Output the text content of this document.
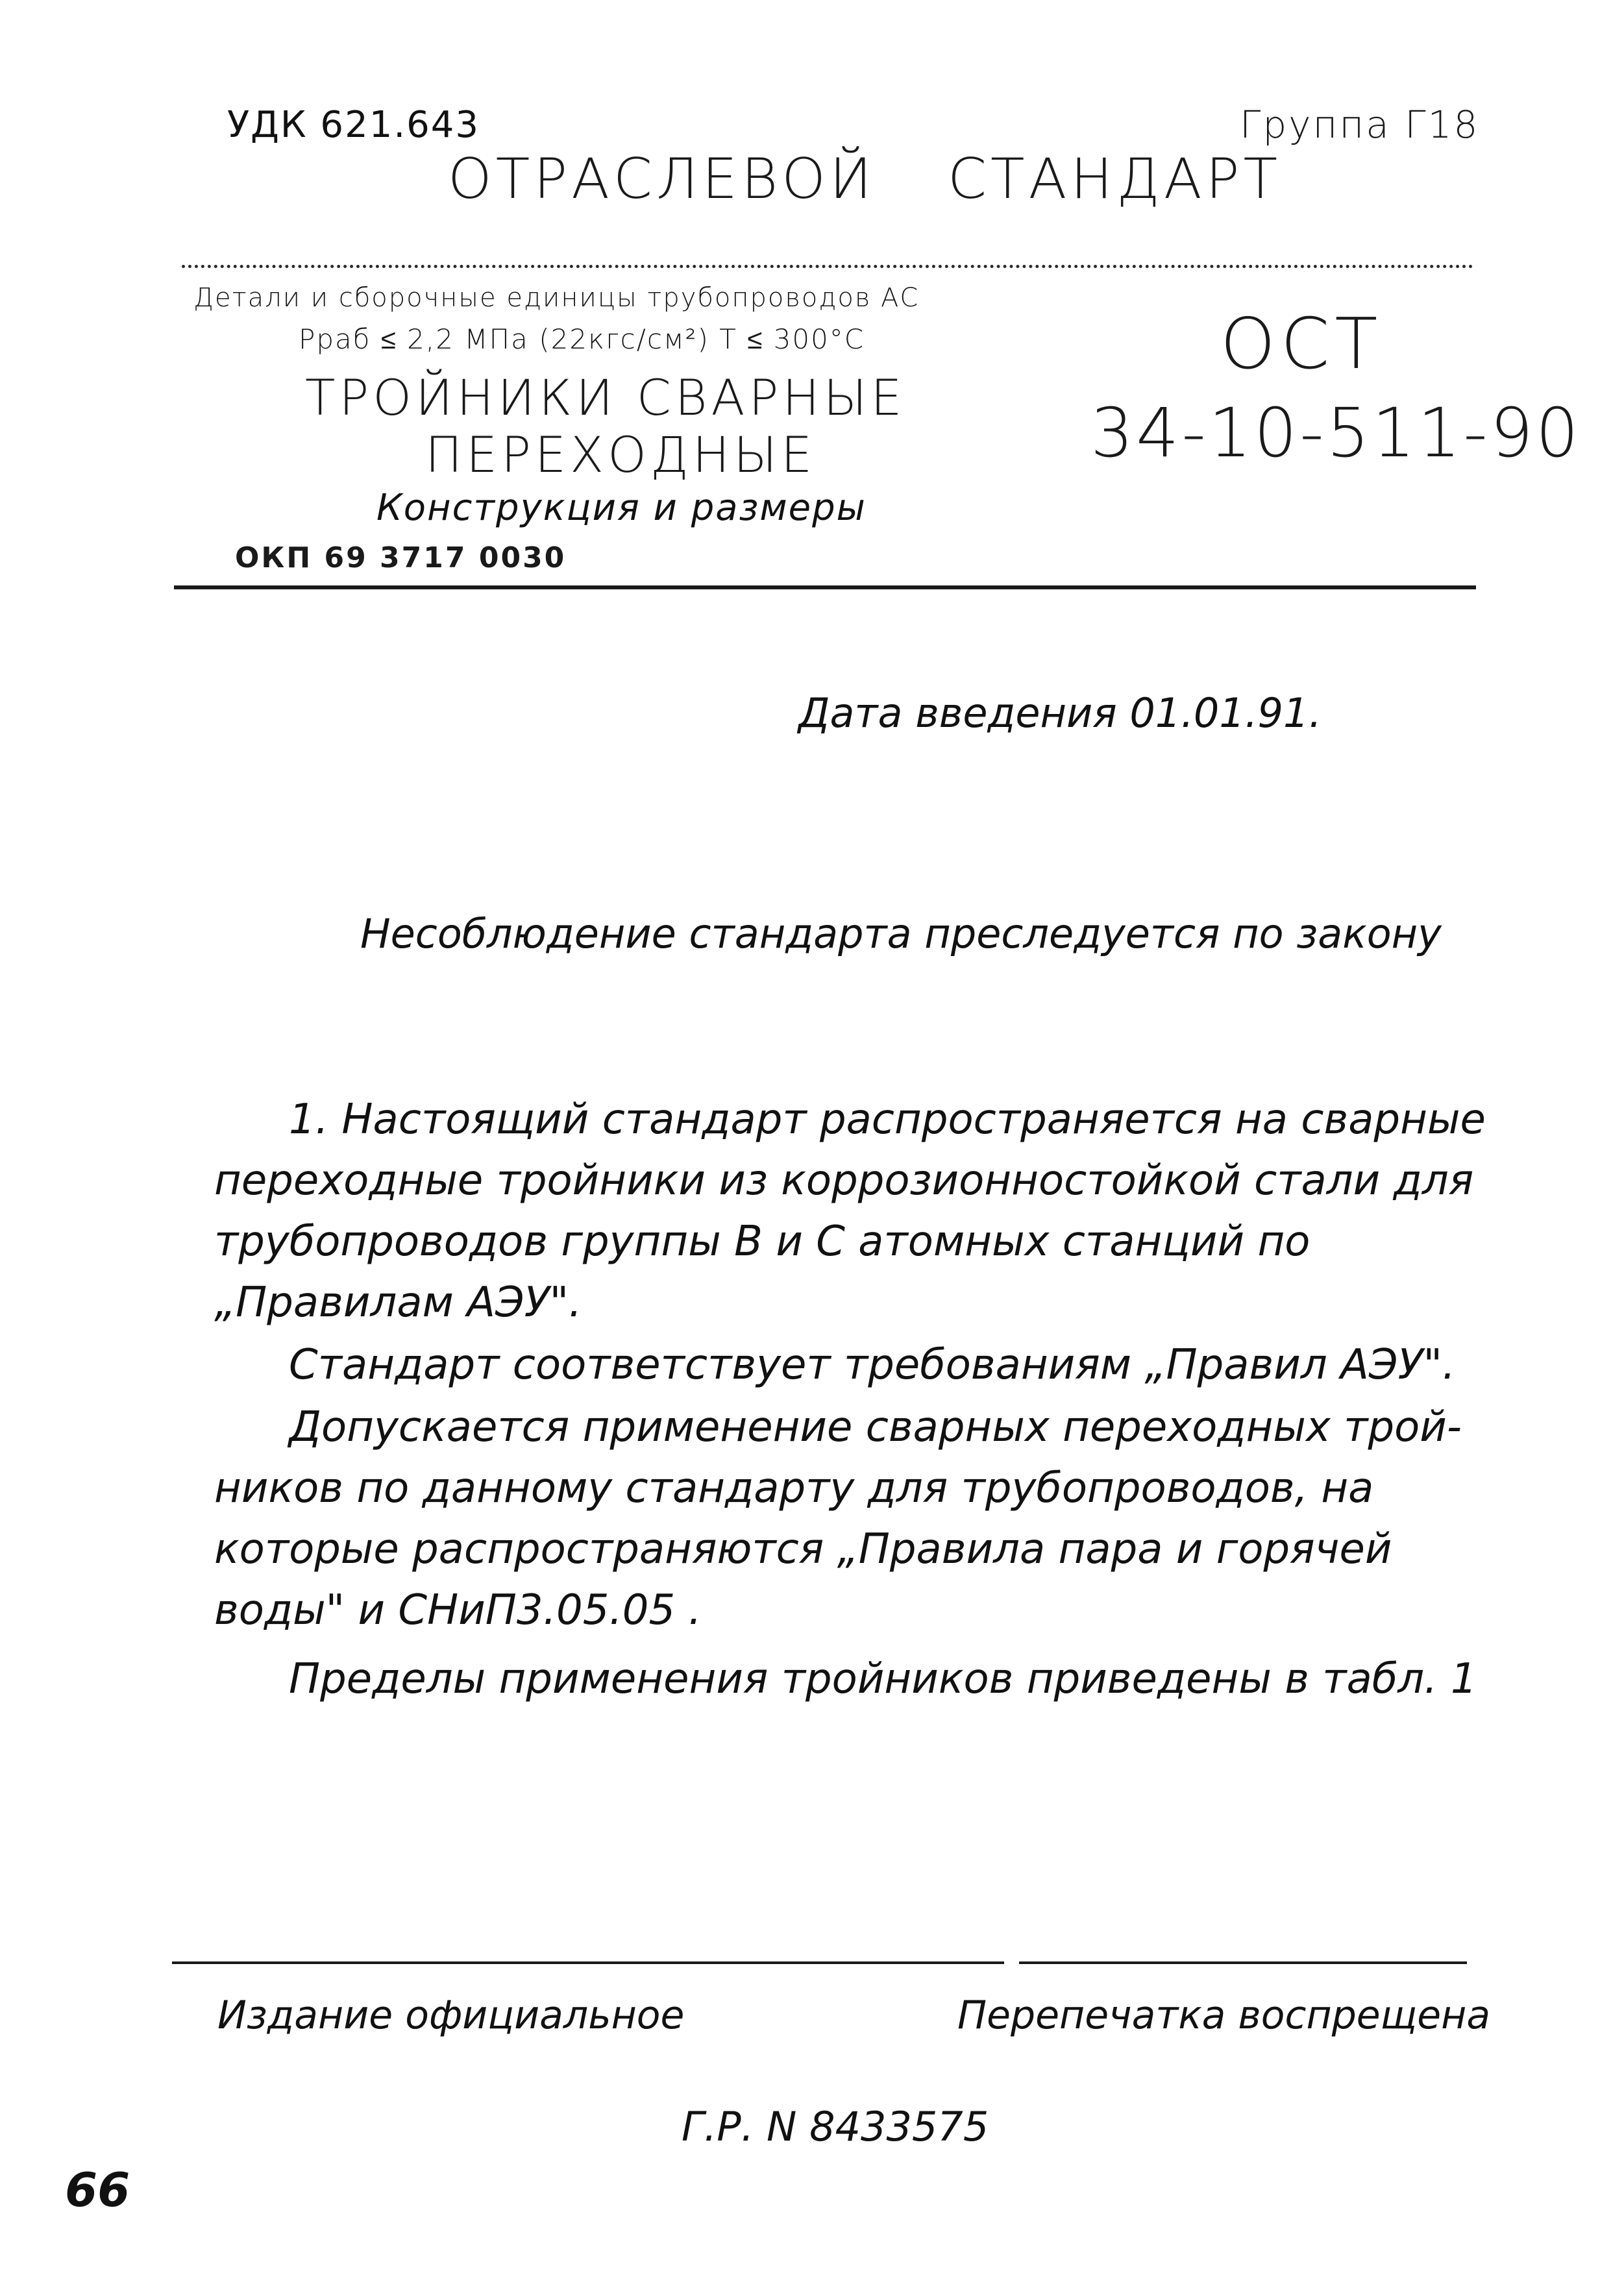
УДК 621.643	Группа Г18
ОТРАСЛЕВОЙ СТАНДАРТ
Детали и сборочные единицы трубопроводов АС
Рраб ≤ 2,2 МПа (22кгс/см²) Т ≤ 300°С
ТРОЙНИКИ СВАРНЫЕ
ПЕРЕХОДНЫЕ
Конструкция и размеры
ОКП 69 3717 0030
ОСТ
34-10-511-90
Дата введения 01.01.91.
Несоблюдение стандарта преследуется по закону
1. Настоящий стандарт распространяется на сварные
переходные тройники из коррозионностойкой стали для
трубопроводов группы В и С атомных станций по
„Правилам АЭУ".
Стандарт соответствует требованиям „Правил АЭУ".
Допускается применение сварных переходных трой-
ников по данному стандарту для трубопроводов, на
которые распространяются „Правила пара и горячей
воды" и СНиП3.05.05 .
Пределы применения тройников приведены в табл. 1
Издание официальное	Перепечатка воспрещена
Г.Р. N 8433575
66
